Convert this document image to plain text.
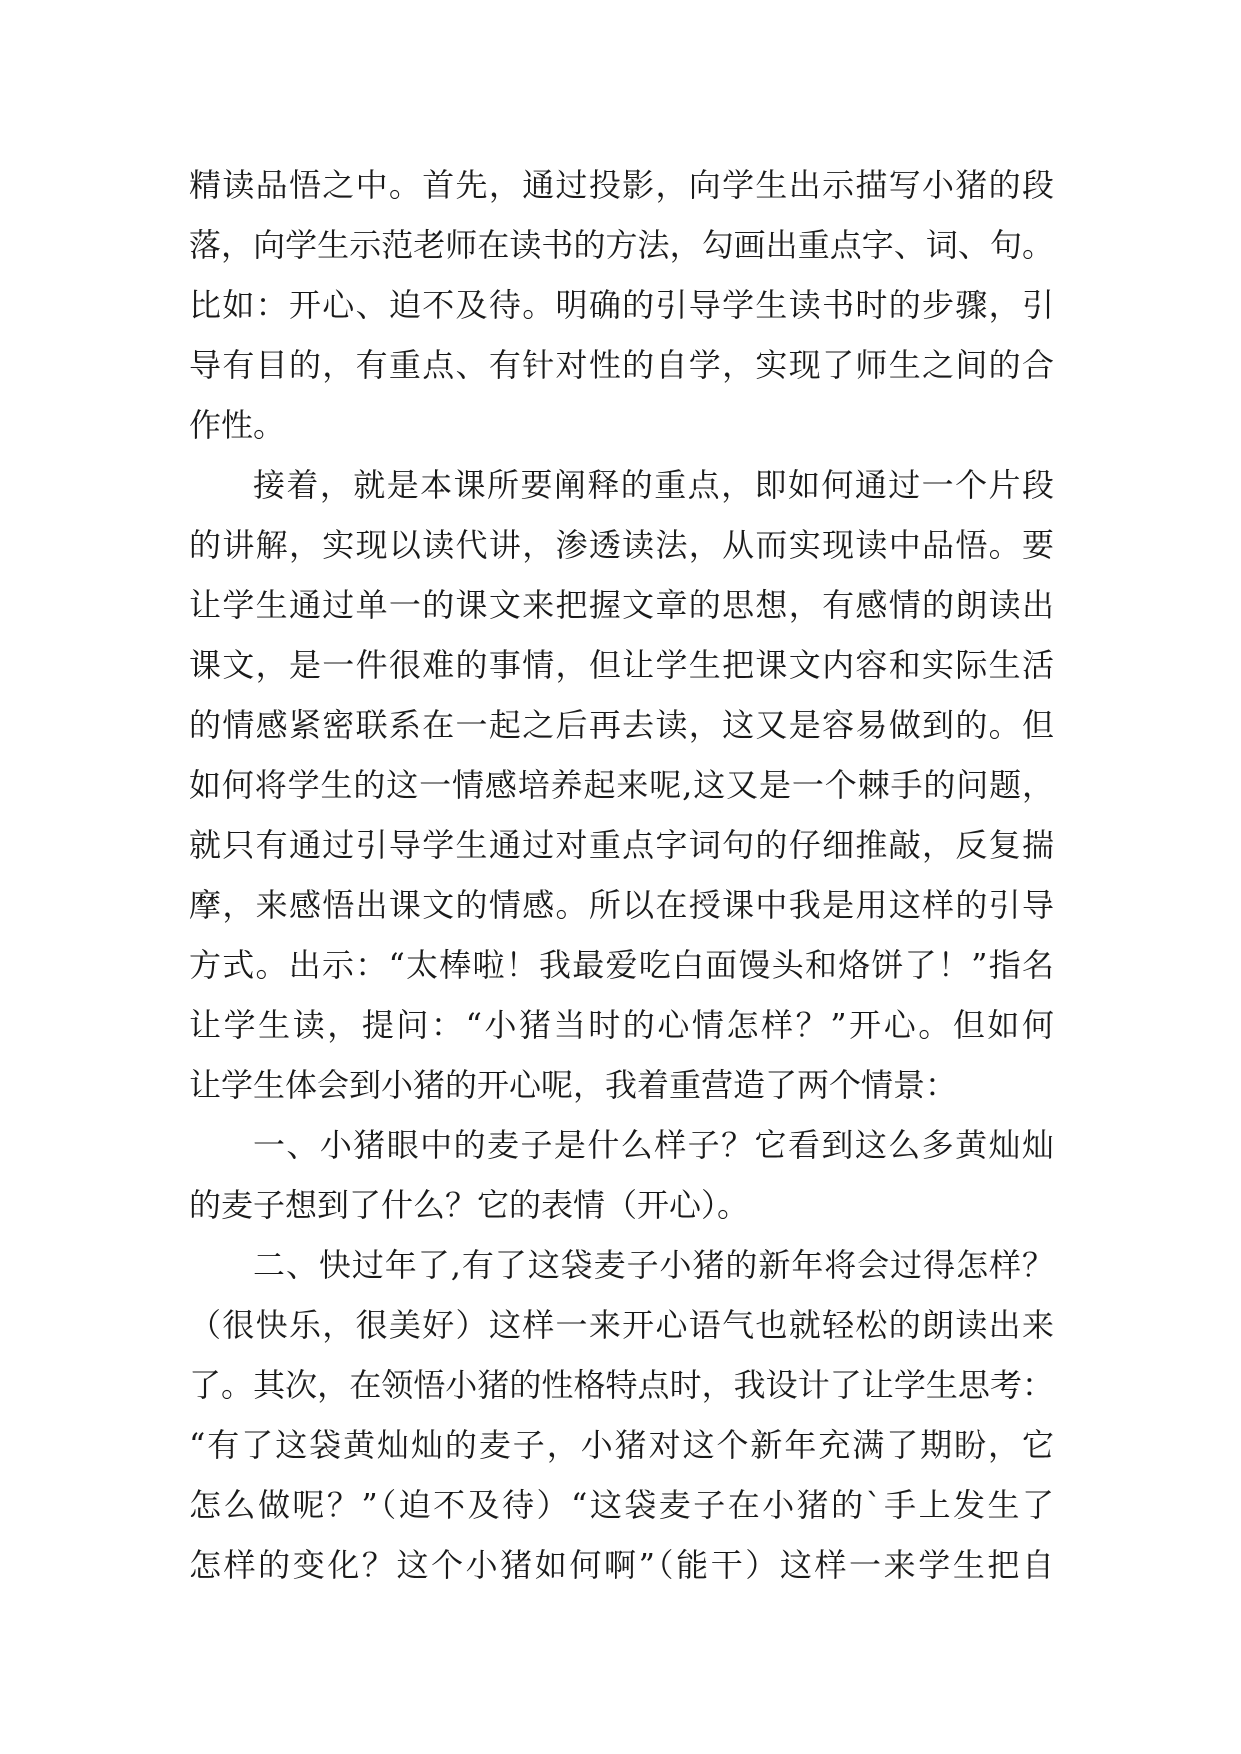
精读品悟之中。首先，通过投影，向学生出示描写小猪的段
落，向学生示范老师在读书的方法，勾画出重点字、词、句。
比如：开心、迫不及待。明确的引导学生读书时的步骤，引
导有目的，有重点、有针对性的自学，实现了师生之间的合
作性。
接着，就是本课所要阐释的重点，即如何通过一个片段
的讲解，实现以读代讲，渗透读法，从而实现读中品悟。要
让学生通过单一的课文来把握文章的思想，有感情的朗读出
课文，是一件很难的事情，但让学生把课文内容和实际生活
的情感紧密联系在一起之后再去读，这又是容易做到的。但
如何将学生的这一情感培养起来呢,这又是一个棘手的问题，
就只有通过引导学生通过对重点字词句的仔细推敲，反复揣
摩，来感悟出课文的情感。所以在授课中我是用这样的引导
方式。出示：“太棒啦！我最爱吃白面馒头和烙饼了！”指名
让学生读，提问：“小猪当时的心情怎样？”开心。但如何
让学生体会到小猪的开心呢，我着重营造了两个情景：
一、小猪眼中的麦子是什么样子？它看到这么多黄灿灿
的麦子想到了什么？它的表情（开心）。
二、快过年了,有了这袋麦子小猪的新年将会过得怎样？
（很快乐，很美好）这样一来开心语气也就轻松的朗读出来
了。其次，在领悟小猪的性格特点时，我设计了让学生思考：
“有了这袋黄灿灿的麦子，小猪对这个新年充满了期盼，它
怎么做呢？”（迫不及待）“这袋麦子在小猪的`手上发生了
怎样的变化？这个小猪如何啊”（能干）这样一来学生把自
